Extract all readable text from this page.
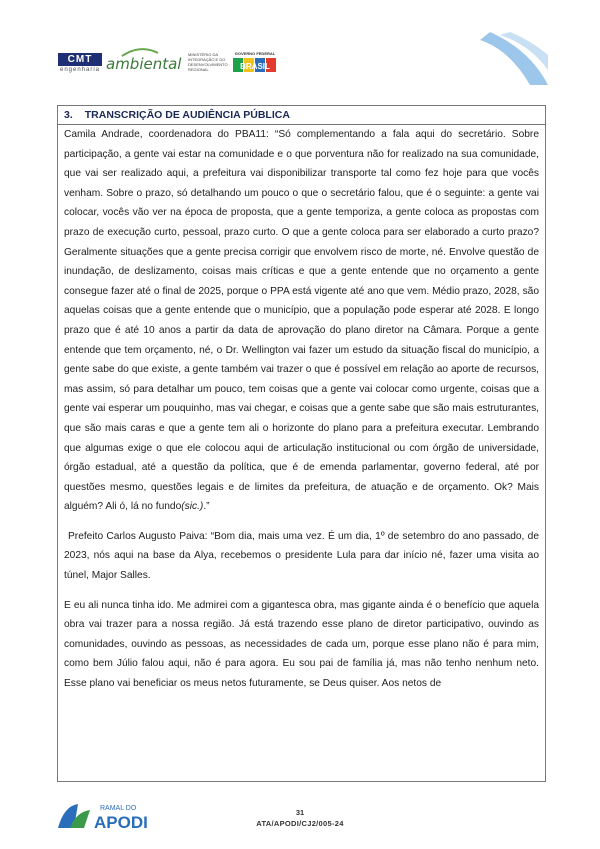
CMT
engenharia ambiental
MINISTÉRIO DA INTEGRAÇÃO E DO DESENVOLVIMENTO REGIONAL
GOVERNO FEDERAL
BRASIL
3. TRANSCRIÇÃO DE AUDIÊNCIA PÚBLICA

Camila Andrade, coordenadora do PBA11: “Só complementando a fala aqui do secretário. Sobre participação, a gente vai estar na comunidade e o que porventura não for realizado na sua comunidade, que vai ser realizado aqui, a prefeitura vai disponibilizar transporte tal como fez hoje para que vocês venham. Sobre o prazo, só detalhando um pouco o que o secretário falou, que é o seguinte: a gente vai colocar, vocês vão ver na época de proposta, que a gente temporiza, a gente coloca as propostas com prazo de execução curto, pessoal, prazo curto. O que a gente coloca para ser elaborado a curto prazo? Geralmente situações que a gente precisa corrigir que envolvem risco de morte, né. Envolve questão de inundação, de deslizamento, coisas mais críticas e que a gente entende que no orçamento a gente consegue fazer até o final de 2025, porque o PPA está vigente até ano que vem. Médio prazo, 2028, são aquelas coisas que a gente entende que o município, que a população pode esperar até 2028. E longo prazo que é até 10 anos a partir da data de aprovação do plano diretor na Câmara. Porque a gente entende que tem orçamento, né, o Dr. Wellington vai fazer um estudo da situação fiscal do município, a gente sabe do que existe, a gente também vai trazer o que é possível em relação ao aporte de recursos, mas assim, só para detalhar um pouco, tem coisas que a gente vai colocar como urgente, coisas que a gente vai esperar um pouquinho, mas vai chegar, e coisas que a gente sabe que são mais estruturantes, que são mais caras e que a gente tem ali o horizonte do plano para a prefeitura executar. Lembrando que algumas exige o que ele colocou aqui de articulação institucional ou com órgão de universidade, órgão estadual, até a questão da política, que é de emenda parlamentar, governo federal, até por questões mesmo, questões legais e de limites da prefeitura, de atuação e de orçamento. Ok? Mais alguém? Ali ó, lá no fundo(sic.).”

Prefeito Carlos Augusto Paiva: “Bom dia, mais uma vez. É um dia, 1º de setembro do ano passado, de 2023, nós aqui na base da Alya, recebemos o presidente Lula para dar início né, fazer uma visita ao túnel, Major Salles.

E eu ali nunca tinha ido. Me admirei com a gigantesca obra, mas gigante ainda é o benefício que aquela obra vai trazer para a nossa região. Já está trazendo esse plano de diretor participativo, ouvindo as comunidades, ouvindo as pessoas, as necessidades de cada um, porque esse plano não é para mim, como bem Júlio falou aqui, não é para agora. Eu sou pai de família já, mas não tenho nenhum neto. Esse plano vai beneficiar os meus netos futuramente, se Deus quiser. Aos netos de

RAMAL DO
APODI
31
ATA/APODI/CJ2/005-24
